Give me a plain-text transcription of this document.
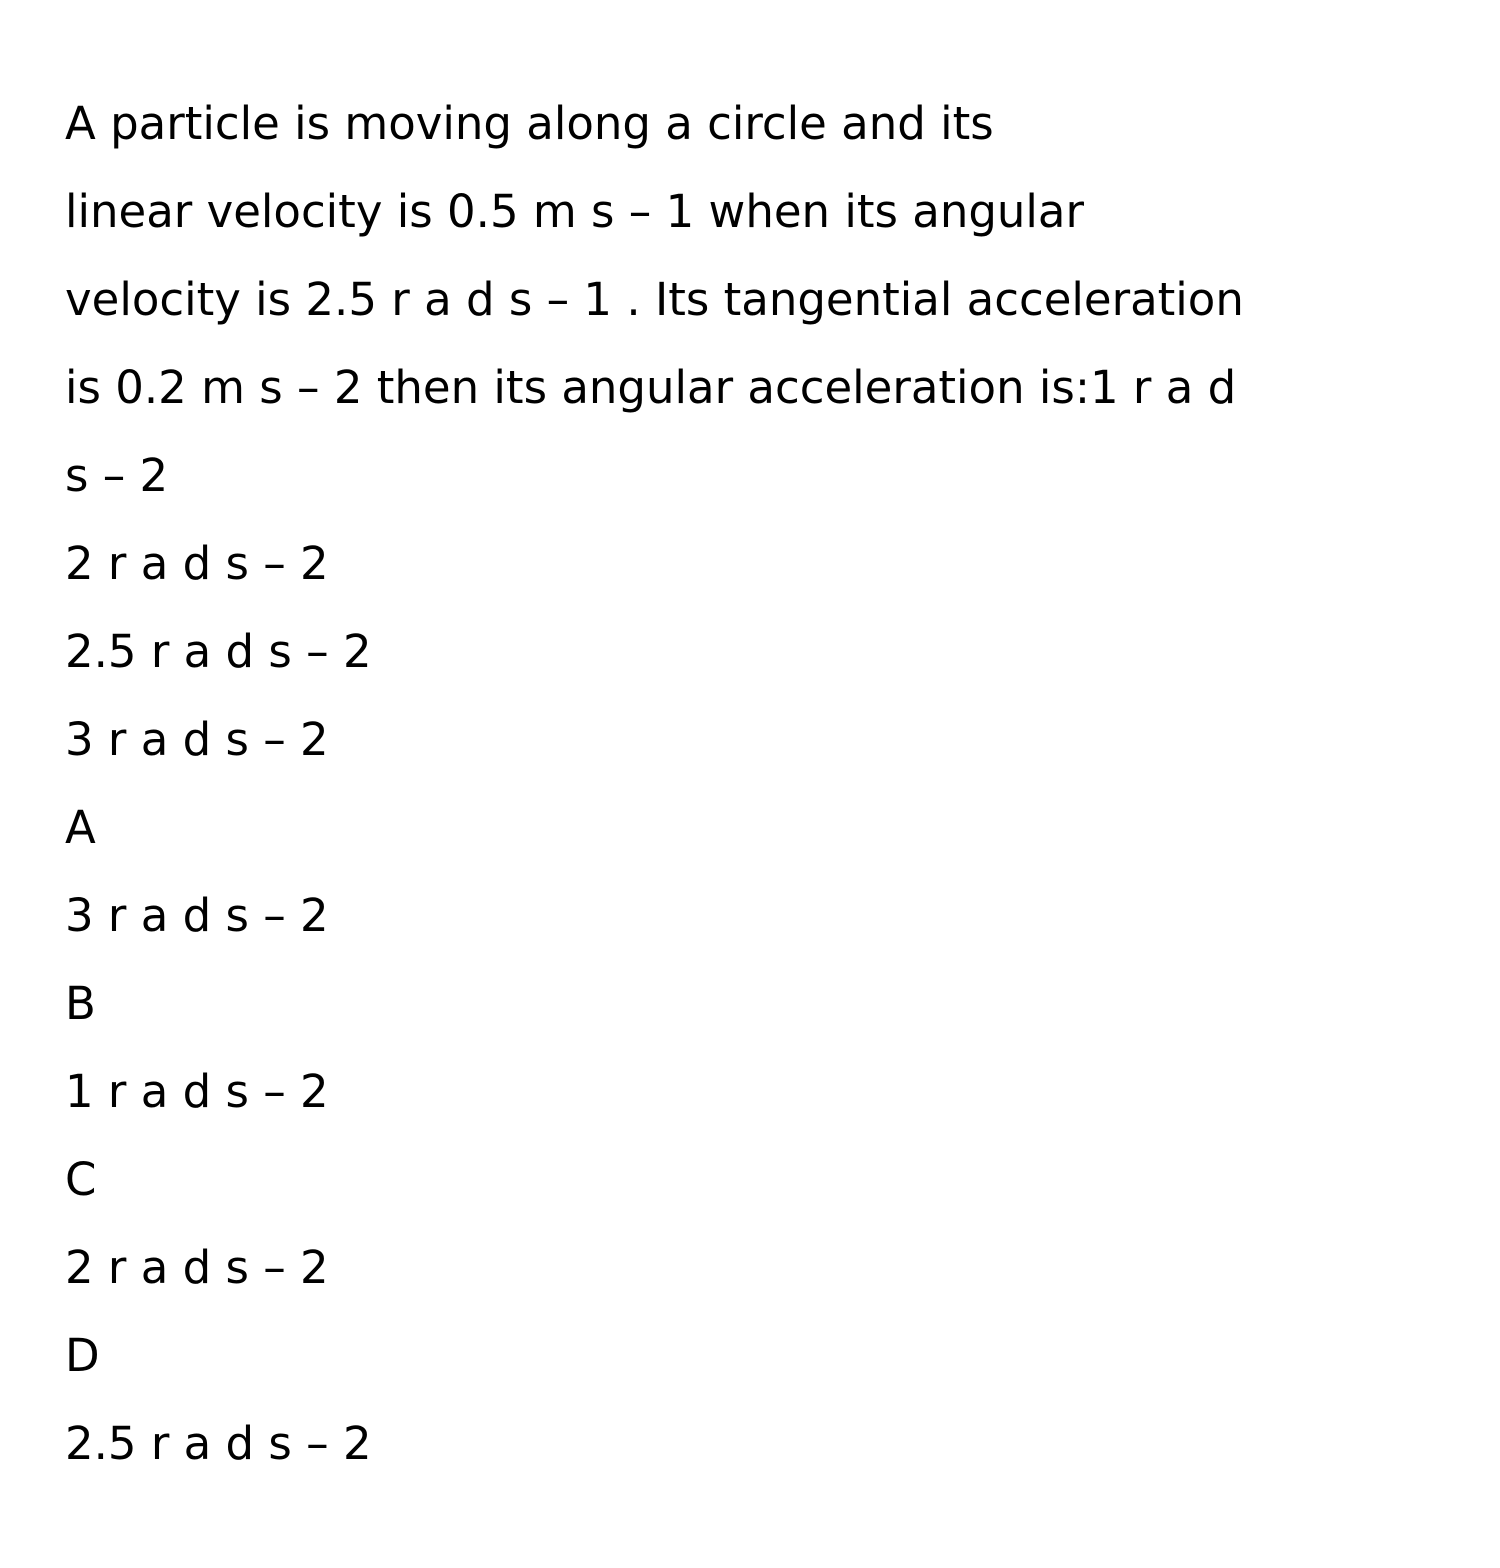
A particle is moving along a circle and its
linear velocity is 0.5 m s – 1 when its angular
velocity is 2.5 r a d s – 1 . Its tangential acceleration
is 0.2 m s – 2 then its angular acceleration is:1 r a d
s – 2
2 r a d s – 2
2.5 r a d s – 2
3 r a d s – 2
A
3 r a d s – 2
B
1 r a d s – 2
C
2 r a d s – 2
D
2.5 r a d s – 2
